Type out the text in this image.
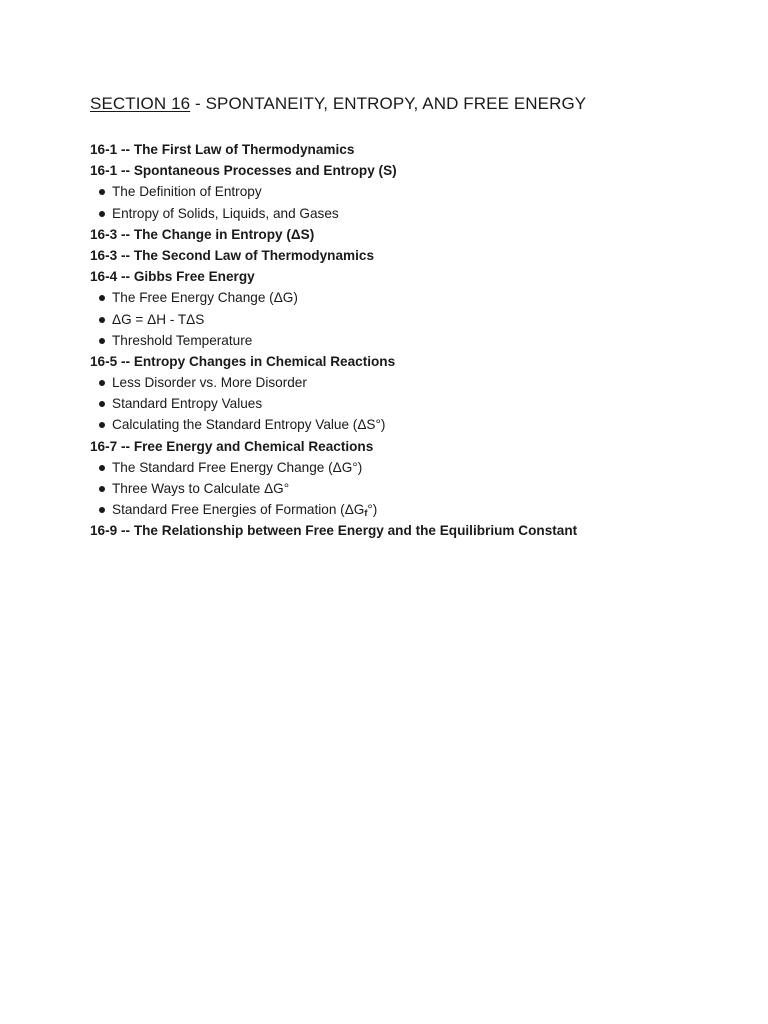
SECTION 16 - SPONTANEITY, ENTROPY, AND FREE ENERGY
16-1 -- The First Law of Thermodynamics
16-1 -- Spontaneous Processes and Entropy (S)
The Definition of Entropy
Entropy of Solids, Liquids, and Gases
16-3 -- The Change in Entropy (ΔS)
16-3 -- The Second Law of Thermodynamics
16-4 -- Gibbs Free Energy
The Free Energy Change (ΔG)
ΔG = ΔH - TΔS
Threshold Temperature
16-5 -- Entropy Changes in Chemical Reactions
Less Disorder vs. More Disorder
Standard Entropy Values
Calculating the Standard Entropy Value (ΔS°)
16-7 -- Free Energy and Chemical Reactions
The Standard Free Energy Change (ΔG°)
Three Ways to Calculate ΔG°
Standard Free Energies of Formation $(\Delta G_f^\circ)$
16-9 -- The Relationship between Free Energy and the Equilibrium Constant
